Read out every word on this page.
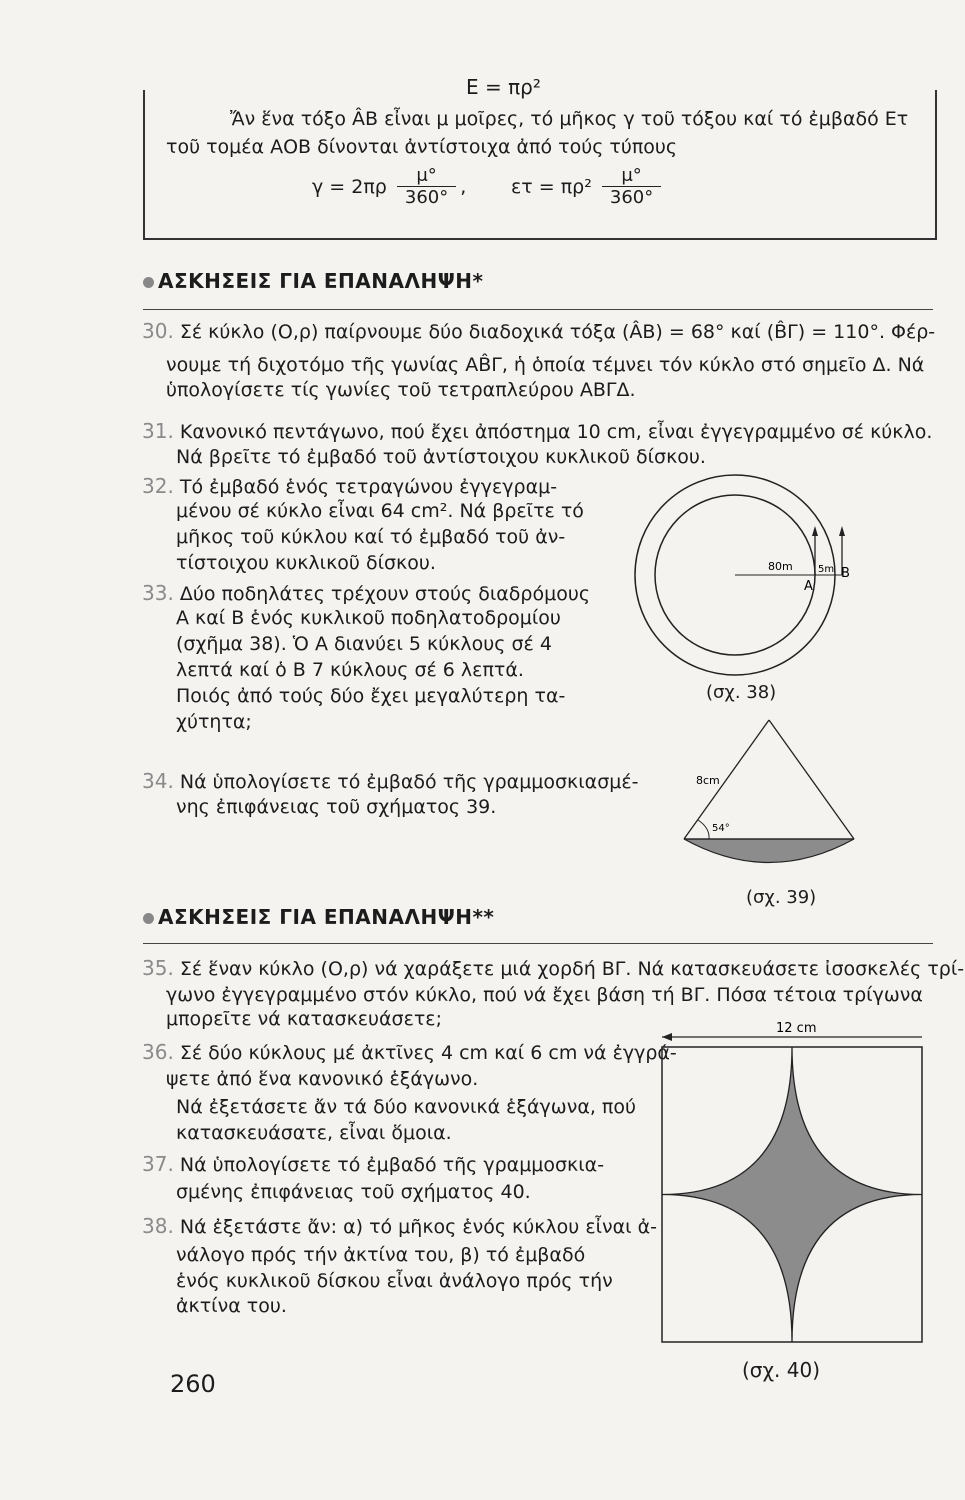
E = πρ²
Ἄν ἕνα τόξο ÂB εἶναι μ μοῖρες, τό μῆκος γ τοῦ τόξου καί τό ἐμβαδό Ετ
τοῦ τομέα ΑΟΒ δίνονται ἀντίστοιχα ἀπό τούς τύπους
$\gamma = 2\pi\rho \frac{\mu^\circ}{360^\circ}$ , $\varepsilon\tau = \pi\rho^2 \frac{\mu^\circ}{360^\circ}$
ΑΣΚΗΣΕΙΣ ΓΙΑ ΕΠΑΝΑΛΗΨΗ*
30. Σέ κύκλο (Ο,ρ) παίρνουμε δύο διαδοχικά τόξα (ÂB) = 68° καί (B̂Γ) = 110°. Φέρ-
νουμε τή διχοτόμο τῆς γωνίας AB̂Γ, ἡ ὁποία τέμνει τόν κύκλο στό σημεῖο Δ. Νά
ὑπολογίσετε τίς γωνίες τοῦ τετραπλεύρου ΑΒΓΔ.
31. Κανονικό πεντάγωνο, πού ἔχει ἀπόστημα 10 cm, εἶναι ἐγγεγραμμένο σέ κύκλο.
Νά βρεῖτε τό ἐμβαδό τοῦ ἀντίστοιχου κυκλικοῦ δίσκου.
32. Τό ἐμβαδό ἑνός τετραγώνου ἐγγεγραμ-
μένου σέ κύκλο εἶναι 64 cm². Νά βρεῖτε τό
μῆκος τοῦ κύκλου καί τό ἐμβαδό τοῦ ἀν-
τίστοιχου κυκλικοῦ δίσκου.
33. Δύο ποδηλάτες τρέχουν στούς διαδρόμους
Α καί Β ἑνός κυκλικοῦ ποδηλατοδρομίου
(σχῆμα 38). Ὁ Α διανύει 5 κύκλους σέ 4
λεπτά καί ὁ Β 7 κύκλους σέ 6 λεπτά.
Ποιός ἀπό τούς δύο ἔχει μεγαλύτερη τα-
χύτητα;
80m	5m
A
B
(σχ. 38)
34. Νά ὑπολογίσετε τό ἐμβαδό τῆς γραμμοσκιασμέ-
νης ἐπιφάνειας τοῦ σχήματος 39.
8cm
54°
(σχ. 39)
ΑΣΚΗΣΕΙΣ ΓΙΑ ΕΠΑΝΑΛΗΨΗ**
35. Σέ ἕναν κύκλο (Ο,ρ) νά χαράξετε μιά χορδή ΒΓ. Νά κατασκευάσετε ἰσοσκελές τρί-
γωνο ἐγγεγραμμένο στόν κύκλο, πού νά ἔχει βάση τή ΒΓ. Πόσα τέτοια τρίγωνα
μπορεῖτε νά κατασκευάσετε;
36. Σέ δύο κύκλους μέ ἀκτῖνες 4 cm καί 6 cm νά ἐγγρά-
ψετε ἀπό ἕνα κανονικό ἑξάγωνο.
Νά ἐξετάσετε ἄν τά δύο κανονικά ἑξάγωνα, πού
κατασκευάσατε, εἶναι ὅμοια.
37. Νά ὑπολογίσετε τό ἐμβαδό τῆς γραμμοσκια-
σμένης ἐπιφάνειας τοῦ σχήματος 40.
38. Νά ἐξετάστε ἄν: α) τό μῆκος ἑνός κύκλου εἶναι ἀ-
νάλογο πρός τήν ἀκτίνα του, β) τό ἐμβαδό
ἑνός κυκλικοῦ δίσκου εἶναι ἀνάλογο πρός τήν
ἀκτίνα του.
12 cm
(σχ. 40)
260
